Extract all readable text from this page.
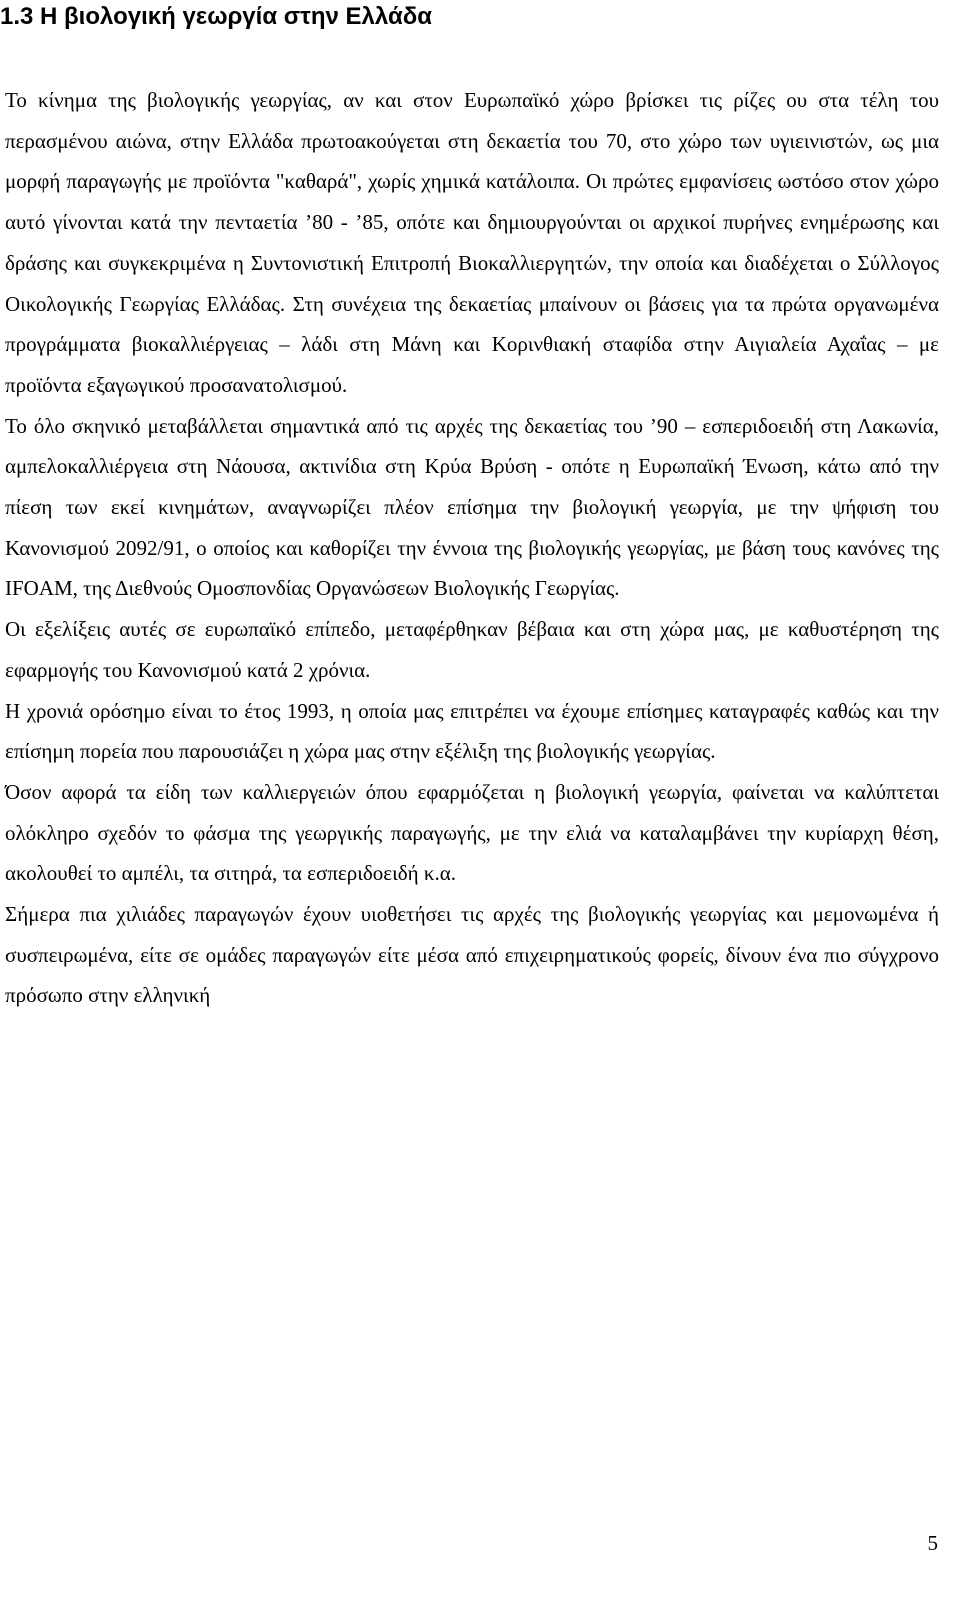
1.3 Η βιολογική γεωργία στην Ελλάδα

Το κίνημα της βιολογικής γεωργίας, αν και στον Ευρωπαϊκό χώρο βρίσκει τις ρίζες ου στα τέλη του περασμένου αιώνα, στην Ελλάδα πρωτοακούγεται στη δεκαετία του 70, στο χώρο των υγιεινιστών, ως μια μορφή παραγωγής με προϊόντα "καθαρά", χωρίς χημικά κατάλοιπα. Οι πρώτες εμφανίσεις ωστόσο στον χώρο αυτό γίνονται κατά την πενταετία ’80 - ’85, οπότε και δημιουργούνται οι αρχικοί πυρήνες ενημέρωσης και δράσης και συγκεκριμένα η Συντονιστική Επιτροπή Βιοκαλλιεργητών, την οποία και διαδέχεται ο Σύλλογος Οικολογικής Γεωργίας Ελλάδας. Στη συνέχεια της δεκαετίας μπαίνουν οι βάσεις για τα πρώτα οργανωμένα προγράμματα βιοκαλλιέργειας – λάδι στη Μάνη και Κορινθιακή σταφίδα στην Αιγιαλεία Αχαΐας – με προϊόντα εξαγωγικού προσανατολισμού.

Το όλο σκηνικό μεταβάλλεται σημαντικά από τις αρχές της δεκαετίας του ’90 – εσπεριδοειδή στη Λακωνία, αμπελοκαλλιέργεια στη Νάουσα, ακτινίδια στη Κρύα Βρύση - οπότε η Ευρωπαϊκή Ένωση, κάτω από την πίεση των εκεί κινημάτων, αναγνωρίζει πλέον επίσημα την βιολογική γεωργία, με την ψήφιση του Κανονισμού 2092/91, ο οποίος και καθορίζει την έννοια της βιολογικής γεωργίας, με βάση τους κανόνες της IFOAM, της Διεθνούς Ομοσπονδίας Οργανώσεων Βιολογικής Γεωργίας.

Οι εξελίξεις αυτές σε ευρωπαϊκό επίπεδο, μεταφέρθηκαν βέβαια και στη χώρα μας, με καθυστέρηση της εφαρμογής του Κανονισμού κατά 2 χρόνια.

Η χρονιά ορόσημο είναι το έτος 1993, η οποία μας επιτρέπει να έχουμε επίσημες καταγραφές καθώς και την επίσημη πορεία που παρουσιάζει η χώρα μας στην εξέλιξη της βιολογικής γεωργίας.

Όσον αφορά τα είδη των καλλιεργειών όπου εφαρμόζεται η βιολογική γεωργία, φαίνεται να καλύπτεται ολόκληρο σχεδόν το φάσμα της γεωργικής παραγωγής, με την ελιά να καταλαμβάνει την κυρίαρχη θέση, ακολουθεί το αμπέλι, τα σιτηρά, τα εσπεριδοειδή κ.α.

Σήμερα πια χιλιάδες παραγωγών έχουν υιοθετήσει τις αρχές της βιολογικής γεωργίας και μεμονωμένα ή συσπειρωμένα, είτε σε ομάδες παραγωγών είτε μέσα από επιχειρηματικούς φορείς, δίνουν ένα πιο σύγχρονο πρόσωπο στην ελληνική

5
